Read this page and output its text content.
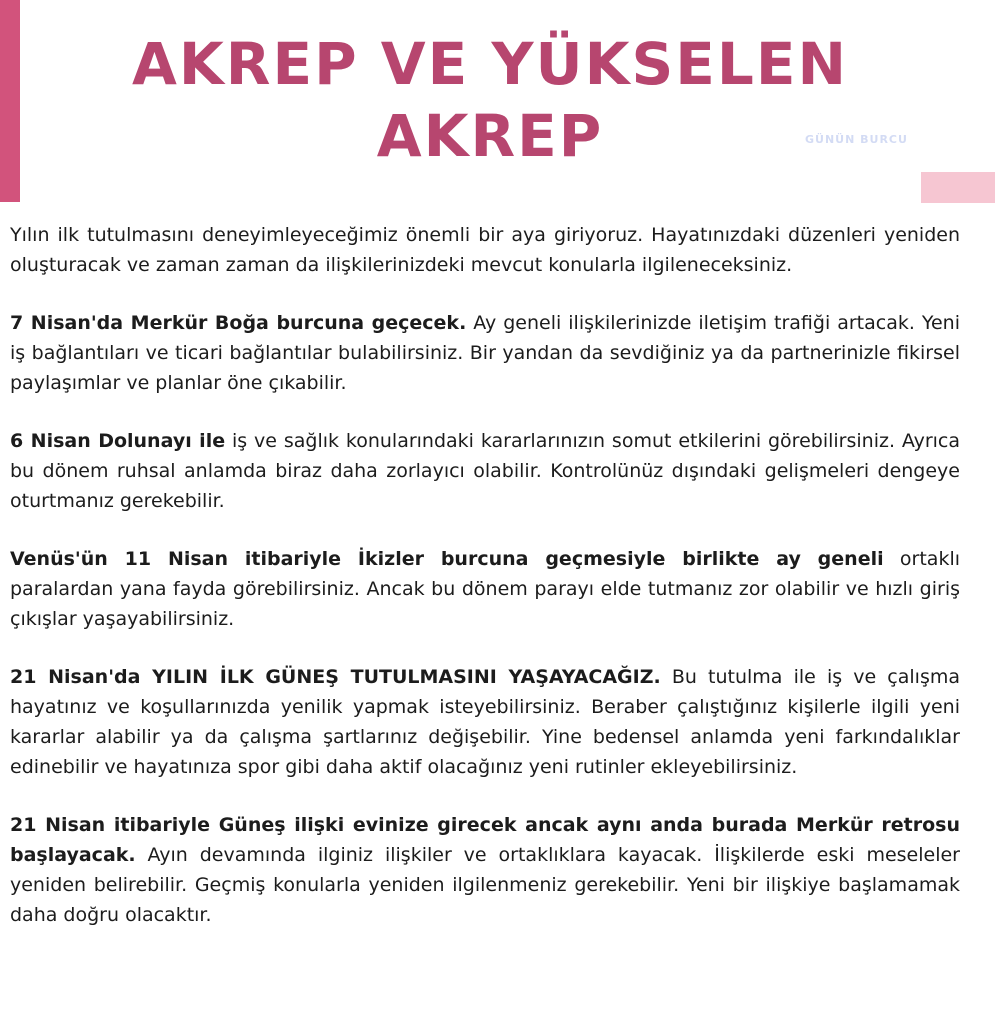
AKREP VE YÜKSELEN
AKREP	GÜNÜN BURCU

Yılın ilk tutulmasını deneyimleyeceğimiz önemli bir aya giriyoruz. Hayatınızdaki düzenleri yeniden oluşturacak ve zaman zaman da ilişkilerinizdeki mevcut konularla ilgileneceksiniz.

7 Nisan'da Merkür Boğa burcuna geçecek. Ay geneli ilişkilerinizde iletişim trafiği artacak. Yeni iş bağlantıları ve ticari bağlantılar bulabilirsiniz. Bir yandan da sevdiğiniz ya da partnerinizle fikirsel paylaşımlar ve planlar öne çıkabilir.

6 Nisan Dolunayı ile iş ve sağlık konularındaki kararlarınızın somut etkilerini görebilirsiniz. Ayrıca bu dönem ruhsal anlamda biraz daha zorlayıcı olabilir. Kontrolünüz dışındaki gelişmeleri dengeye oturtmanız gerekebilir.

Venüs'ün 11 Nisan itibariyle İkizler burcuna geçmesiyle birlikte ay geneli ortaklı paralardan yana fayda görebilirsiniz. Ancak bu dönem parayı elde tutmanız zor olabilir ve hızlı giriş çıkışlar yaşayabilirsiniz.

21 Nisan'da YILIN İLK GÜNEŞ TUTULMASINI YAŞAYACAĞIZ. Bu tutulma ile iş ve çalışma hayatınız ve koşullarınızda yenilik yapmak isteyebilirsiniz. Beraber çalıştığınız kişilerle ilgili yeni kararlar alabilir ya da çalışma şartlarınız değişebilir. Yine bedensel anlamda yeni farkındalıklar edinebilir ve hayatınıza spor gibi daha aktif olacağınız yeni rutinler ekleyebilirsiniz.

21 Nisan itibariyle Güneş ilişki evinize girecek ancak aynı anda burada Merkür retrosu başlayacak. Ayın devamında ilginiz ilişkiler ve ortaklıklara kayacak. İlişkilerde eski meseleler yeniden belirebilir. Geçmiş konularla yeniden ilgilenmeniz gerekebilir. Yeni bir ilişkiye başlamamak daha doğru olacaktır.
